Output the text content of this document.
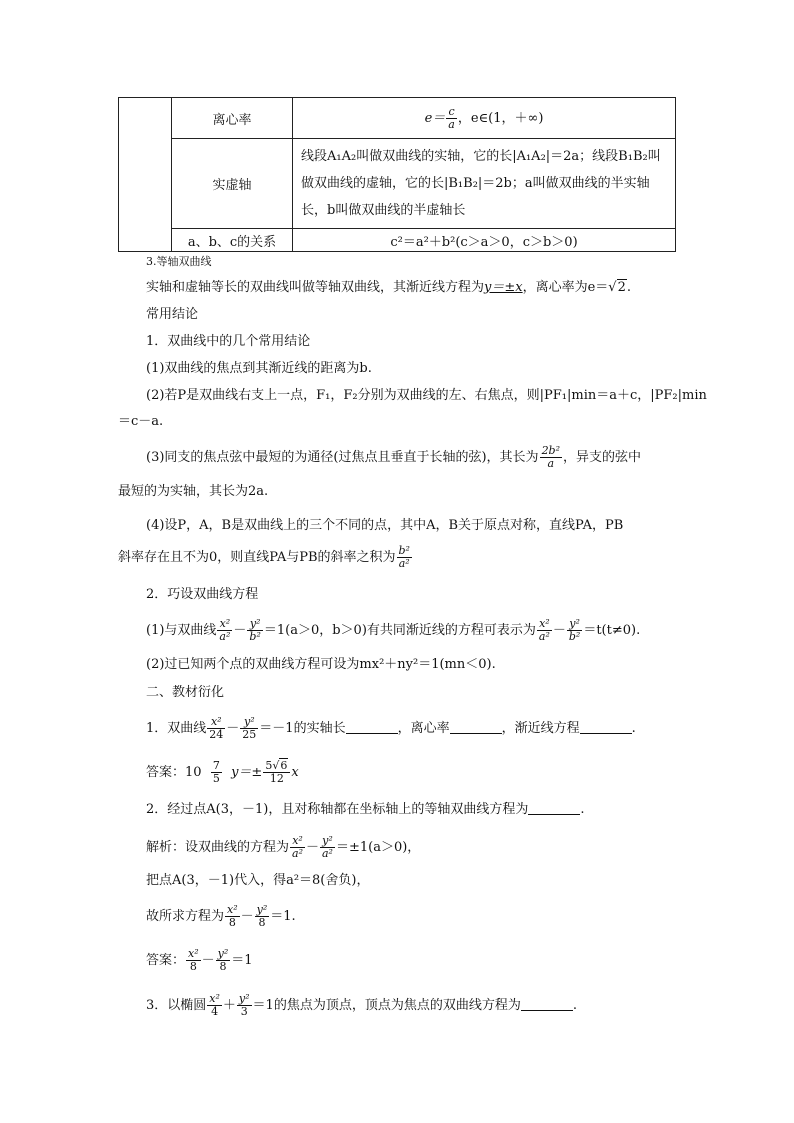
	离心率	$e= \frac{c}{a}$ ，e∈(1，＋∞)
	实虚轴	线段A₁A₂叫做双曲线的实轴，它的长|A₁A₂|＝2a；线段B₁B₂叫做双曲线的虚轴，它的长|B₁B₂|＝2b；a叫做双曲线的半实轴长，b叫做双曲线的半虚轴长
	a、b、c的关系	c²＝a²＋b²(c＞a＞0，c＞b＞0)
3.等轴双曲线
实轴和虚轴等长的双曲线叫做等轴双曲线，其渐近线方程为y＝±x，离心率为e＝√2.
常用结论
1．双曲线中的几个常用结论
(1)双曲线的焦点到其渐近线的距离为b.
(2)若P是双曲线右支上一点，F₁，F₂分别为双曲线的左、右焦点，则|PF₁|min＝a＋c，|PF₂|min
＝c－a.
(3)同支的焦点弦中最短的为通径(过焦点且垂直于长轴的弦)，其长为 $\frac{\text{2b²}}{a}$ ，异支的弦中
最短的为实轴，其长为2a.
(4)设P，A，B是双曲线上的三个不同的点，其中A，B关于原点对称，直线PA，PB
斜率存在且不为0，则直线PA与PB的斜率之积为 $\frac{\text{b²}}{\text{a²}}$
2．巧设双曲线方程
(1)与双曲线 $\frac{\text{x²}}{\text{a²}} - \frac{\text{y²}}{\text{b²}} =1(a>0$，b＞0)有共同渐近线的方程可表示为 $\frac{\text{x²}}{\text{a²}} - \frac{\text{y²}}{\text{b²}} =t(t\ne 0)$.
(2)过已知两个点的双曲线方程可设为mx²＋ny²＝1(mn＜0).
二、教材衍化
1．双曲线 $\frac{\text{x²}}{24} - \frac{\text{y²}}{25} =-1$的实轴长	，离心率	，渐近线方程	.
答案：$10 \frac{7}{5} y=\pm \frac{5√6}{12}$ x
2．经过点A(3，－1)，且对称轴都在坐标轴上的等轴双曲线方程为	.
解析：设双曲线的方程为 $\frac{\text{x²}}{\text{a²}} - \frac{\text{y²}}{\text{a²}} =\pm 1(a>0)$，
把点A(3，－1)代入，得a²＝8(舍负)，
故所求方程为 $\frac{\text{x²}}{8} - \frac{\text{y²}}{8} =1$.
答案： $\frac{\text{x²}}{8} - \frac{\text{y²}}{8} =1$
3．以椭圆 $\frac{\text{x²}}{4} + \frac{\text{y²}}{3} =1$的焦点为顶点，顶点为焦点的双曲线方程为	.
